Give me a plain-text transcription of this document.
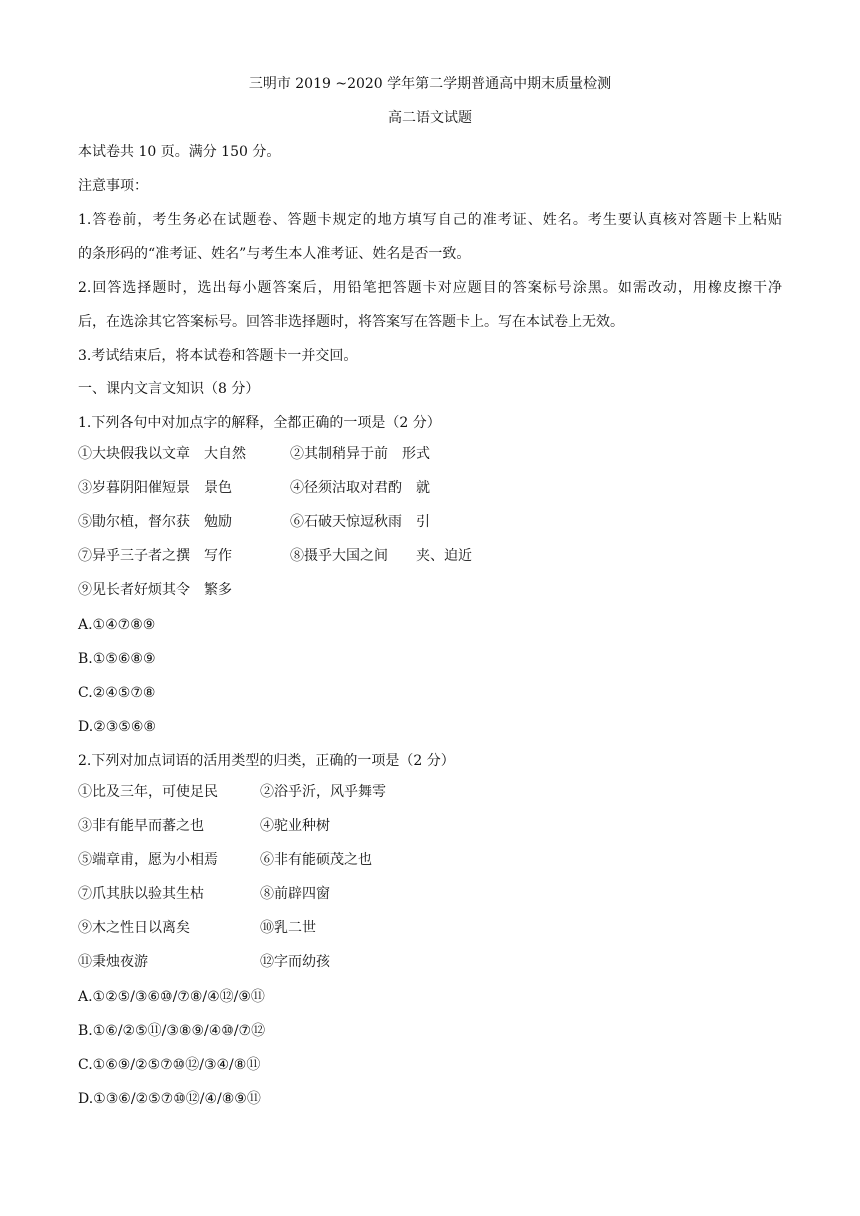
三明市 2019 ~2020 学年第二学期普通高中期末质量检测
高二语文试题
本试卷共 10 页。满分 150 分。
注意事项：
1.答卷前，考生务必在试题卷、答题卡规定的地方填写自己的准考证、姓名。考生要认真核对答题卡上粘贴
的条形码的“准考证、姓名”与考生本人准考证、姓名是否一致。
2.回答选择题时，选出每小题答案后，用铅笔把答题卡对应题目的答案标号涂黑。如需改动，用橡皮擦干净
后，在选涂其它答案标号。回答非选择题时，将答案写在答题卡上。写在本试卷上无效。
3.考试结束后，将本试卷和答题卡一并交回。
一、课内文言文知识（8 分）
1.下列各句中对加点字的解释，全都正确的一项是（2 分）
①大块假我以文章　大自然	②其制稍异于前　形式
③岁暮阴阳催短景　景色	④径须沽取对君酌　就
⑤勖尔植，督尔获　勉励	⑥石破天惊逗秋雨　引
⑦异乎三子者之撰　写作	⑧摄乎大国之间　　夹、迫近
⑨见长者好烦其令　繁多
A.①④⑦⑧⑨
B.①⑤⑥⑧⑨
C.②④⑤⑦⑧
D.②③⑤⑥⑧
2.下列对加点词语的活用类型的归类，正确的一项是（2 分）
①比及三年，可使足民	②浴乎沂，风乎舞雩
③非有能早而蕃之也	④驼业种树
⑤端章甫，愿为小相焉	⑥非有能硕茂之也
⑦爪其肤以验其生枯	⑧前辟四窗
⑨木之性日以离矣	⑩乳二世
⑪秉烛夜游	⑫字而幼孩
A.①②⑤/③⑥⑩/⑦⑧/④⑫/⑨⑪
B.①⑥/②⑤⑪/③⑧⑨/④⑩/⑦⑫
C.①⑥⑨/②⑤⑦⑩⑫/③④/⑧⑪
D.①③⑥/②⑤⑦⑩⑫/④/⑧⑨⑪
